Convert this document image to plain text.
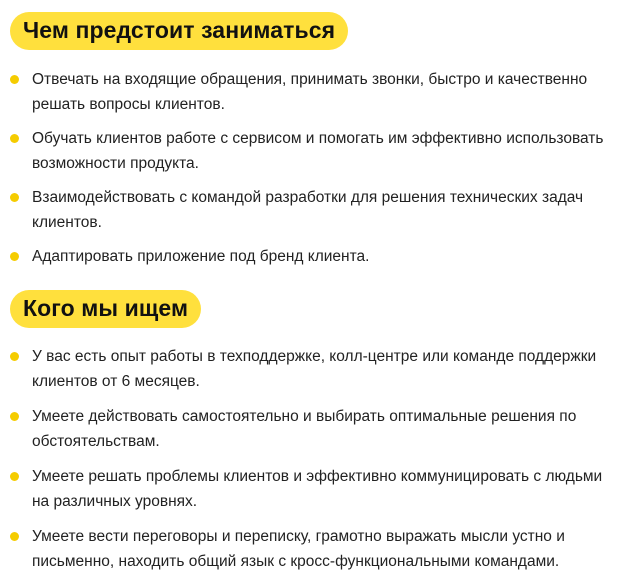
Чем предстоит заниматься
Отвечать на входящие обращения, принимать звонки, быстро и качественно решать вопросы клиентов.
Обучать клиентов работе с сервисом и помогать им эффективно использовать возможности продукта.
Взаимодействовать с командой разработки для решения технических задач клиентов.
Адаптировать приложение под бренд клиента.
Кого мы ищем
У вас есть опыт работы в техподдержке, колл-центре или команде поддержки клиентов от 6 месяцев.
Умеете действовать самостоятельно и выбирать оптимальные решения по обстоятельствам.
Умеете решать проблемы клиентов и эффективно коммуницировать с людьми на различных уровнях.
Умеете вести переговоры и переписку, грамотно выражать мысли устно и письменно, находить общий язык с кросс-функциональными командами.
